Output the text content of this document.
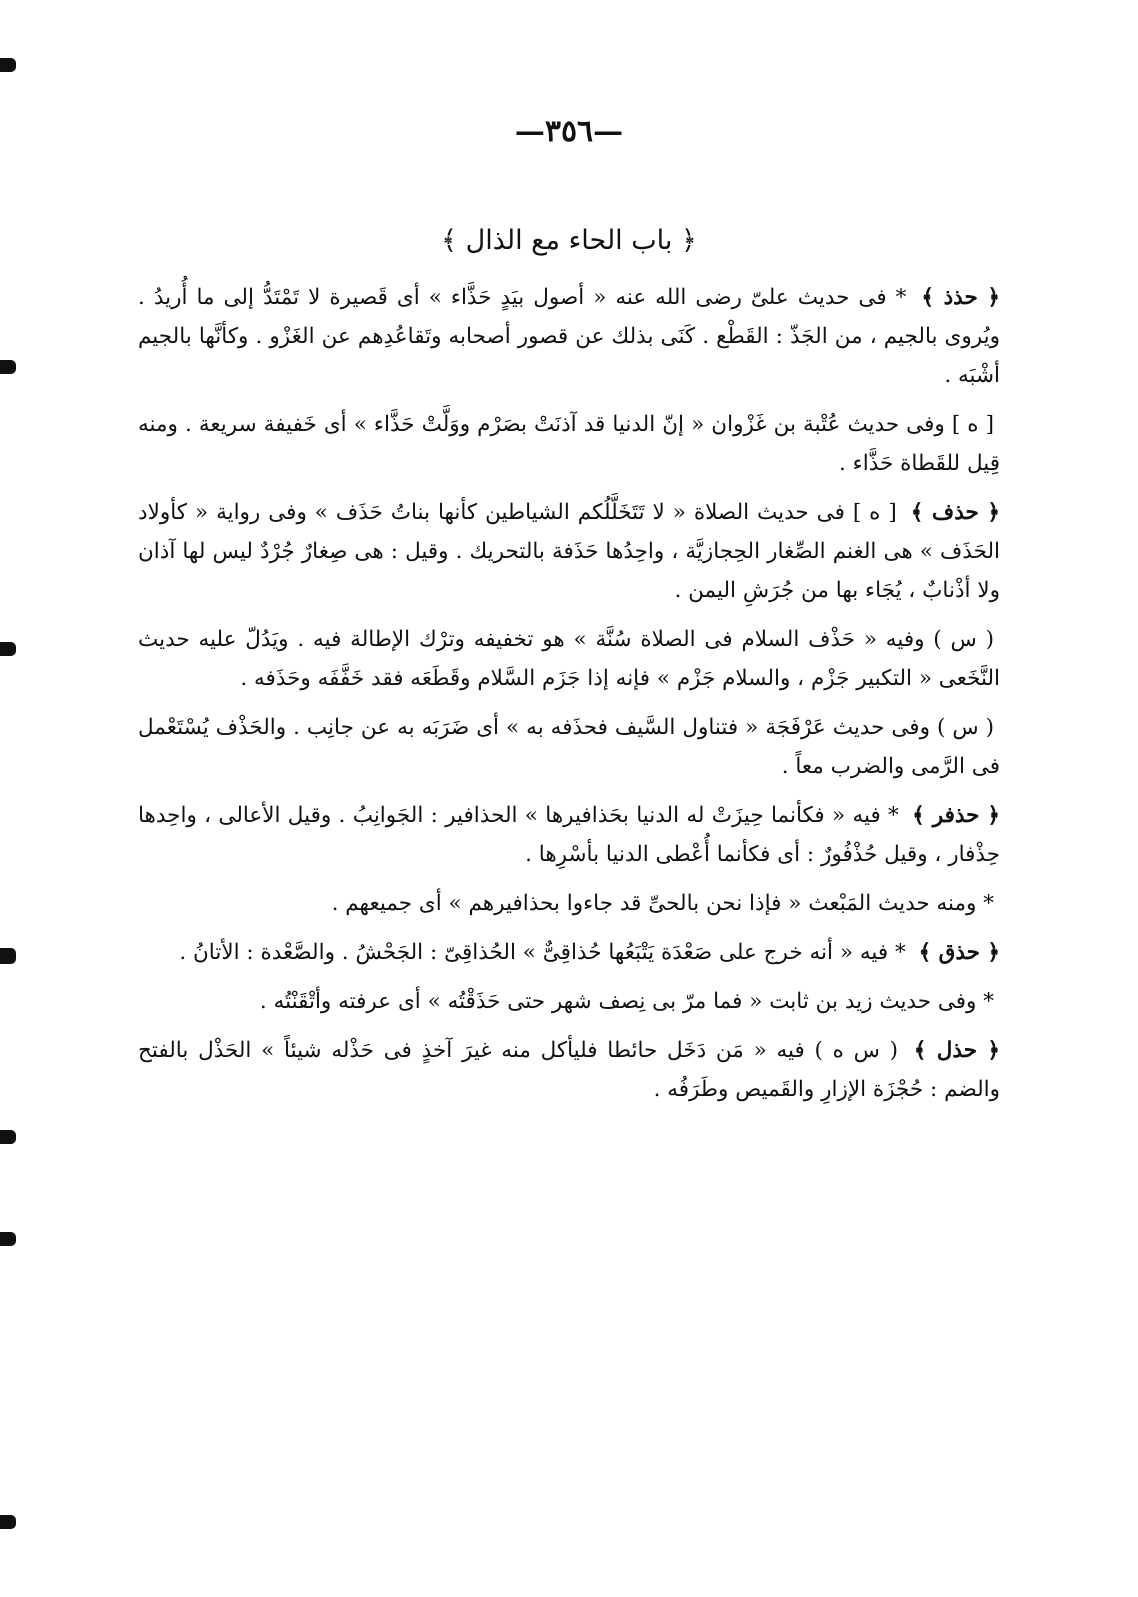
—٣٥٦—
﴿ باب الحاء مع الذال ﴾

﴿ حذذ ﴾ * فى حديث علىّ رضى الله عنه « أصول بيَدٍ حَذَّاء » أى قَصيرة لا تَمْتَدُّ إلى ما أُريدُ . ويُروى بالجيم ، من الجَذّ : القَطْع . كَنَى بذلك عن قصور أصحابه وتَقاعُدِهم عن الغَزْو . وكأنَّها بالجيم أشْبَه .

[ ه ] وفى حديث عُتْبة بن غَزْوان « إنّ الدنيا قد آذنَتْ بصَرْم ووَلَّتْ حَذَّاء » أى خَفيفة سريعة . ومنه قِيل للقَطاة حَذَّاء .

﴿ حذف ﴾ [ ه ] فى حديث الصلاة « لا تَتَخَلَّلُكم الشياطين كأنها بناتُ حَذَف » وفى رواية « كأولاد الحَذَف » هى الغنم الصِّغار الحِجازيَّة ، واحِدُها حَذَفة بالتحريك . وقيل : هى صِغارٌ جُرْدٌ ليس لها آذان ولا أذْنابٌ ، يُجَاء بها من جُرَشِ اليمن .

( س ) وفيه « حَذْف السلام فى الصلاة سُنَّة » هو تخفيفه وترْك الإطالة فيه . ويَدُلّ عليه حديث النَّخَعى « التكبير جَزْم ، والسلام جَزْم » فإنه إذا جَزَم السَّلام وقَطَعَه فقد خَفَّفَه وحَذَفه .

( س ) وفى حديث عَرْفَجَة « فتناول السَّيف فحذَفه به » أى ضَرَبَه به عن جانِب . والحَذْف يُسْتَعْمل فى الرَّمى والضرب معاً .

﴿ حذفر ﴾ * فيه « فكأنما حِيزَتْ له الدنيا بحَذافيرها » الحذافير : الجَوانِبُ . وقيل الأعالى ، واحِدها حِذْفار ، وقيل حُذْفُورٌ : أى فكأنما أُعْطى الدنيا بأسْرِها .

* ومنه حديث المَبْعث « فإذا نحن بالحىِّ قد جاءوا بحذافيرهم » أى جميعهم .

﴿ حذق ﴾ * فيه « أنه خرج على صَعْدَة يَتْبَعُها حُذاقِىٌّ » الحُذاقِىّ : الجَحْشُ . والصَّعْدة : الأتانُ .

* وفى حديث زيد بن ثابت « فما مرّ بى نِصف شهر حتى حَذَقْتُه » أى عرفته وأتْقَنْتُه .

﴿ حذل ﴾ ( س ه ) فيه « مَن دَخَل حائطا فليأكل منه غيرَ آخذٍ فى حَذْله شيئاً » الحَذْل بالفتح والضم : حُجْزَة الإزارِ والقَميص وطَرَفُه .
